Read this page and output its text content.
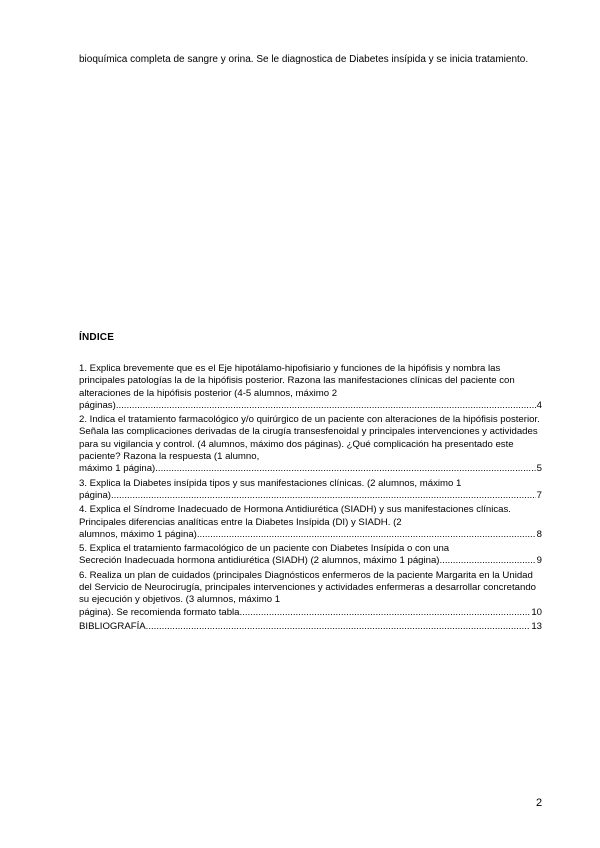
bioquímica completa de sangre y orina. Se le diagnostica de Diabetes insípida y se inicia tratamiento.
ÍNDICE
1. Explica brevemente que es el Eje hipotálamo-hipofisiario y funciones de la hipófisis y nombra las principales patologías la de la hipófisis posterior. Razona las manifestaciones clínicas del paciente con alteraciones de la hipófisis posterior (4-5 alumnos, máximo 2
páginas) .....	4
2. Indica el tratamiento farmacológico y/o quirúrgico de un paciente con alteraciones de la hipófisis posterior. Señala las complicaciones derivadas de la cirugía transesfenoidal y principales intervenciones y actividades para su vigilancia y control. (4 alumnos, máximo dos páginas). ¿Qué complicación ha presentado este paciente? Razona la respuesta (1 alumno,
máximo 1 página) .....	5
3. Explica la Diabetes insípida tipos y sus manifestaciones clínicas. (2 alumnos, máximo 1
página) .....	7
4. Explica el Síndrome Inadecuado de Hormona Antidiurética (SIADH) y sus manifestaciones clínicas. Principales diferencias analíticas entre la Diabetes Insípida (DI) y SIADH. (2
alumnos, máximo 1 página) .....	8
5. Explica el tratamiento farmacológico de un paciente con Diabetes Insípida o con una
Secreción Inadecuada hormona antidiurética (SIADH) (2 alumnos, máximo 1 página) .....	9
6. Realiza un plan de cuidados (principales Diagnósticos enfermeros de la paciente Margarita en la Unidad del Servicio de Neurocirugía, principales intervenciones y actividades enfermeras a desarrollar concretando su ejecución y objetivos. (3 alumnos, máximo 1
página). Se recomienda formato tabla .....	10
BIBLIOGRAFÍA .....	13
2
